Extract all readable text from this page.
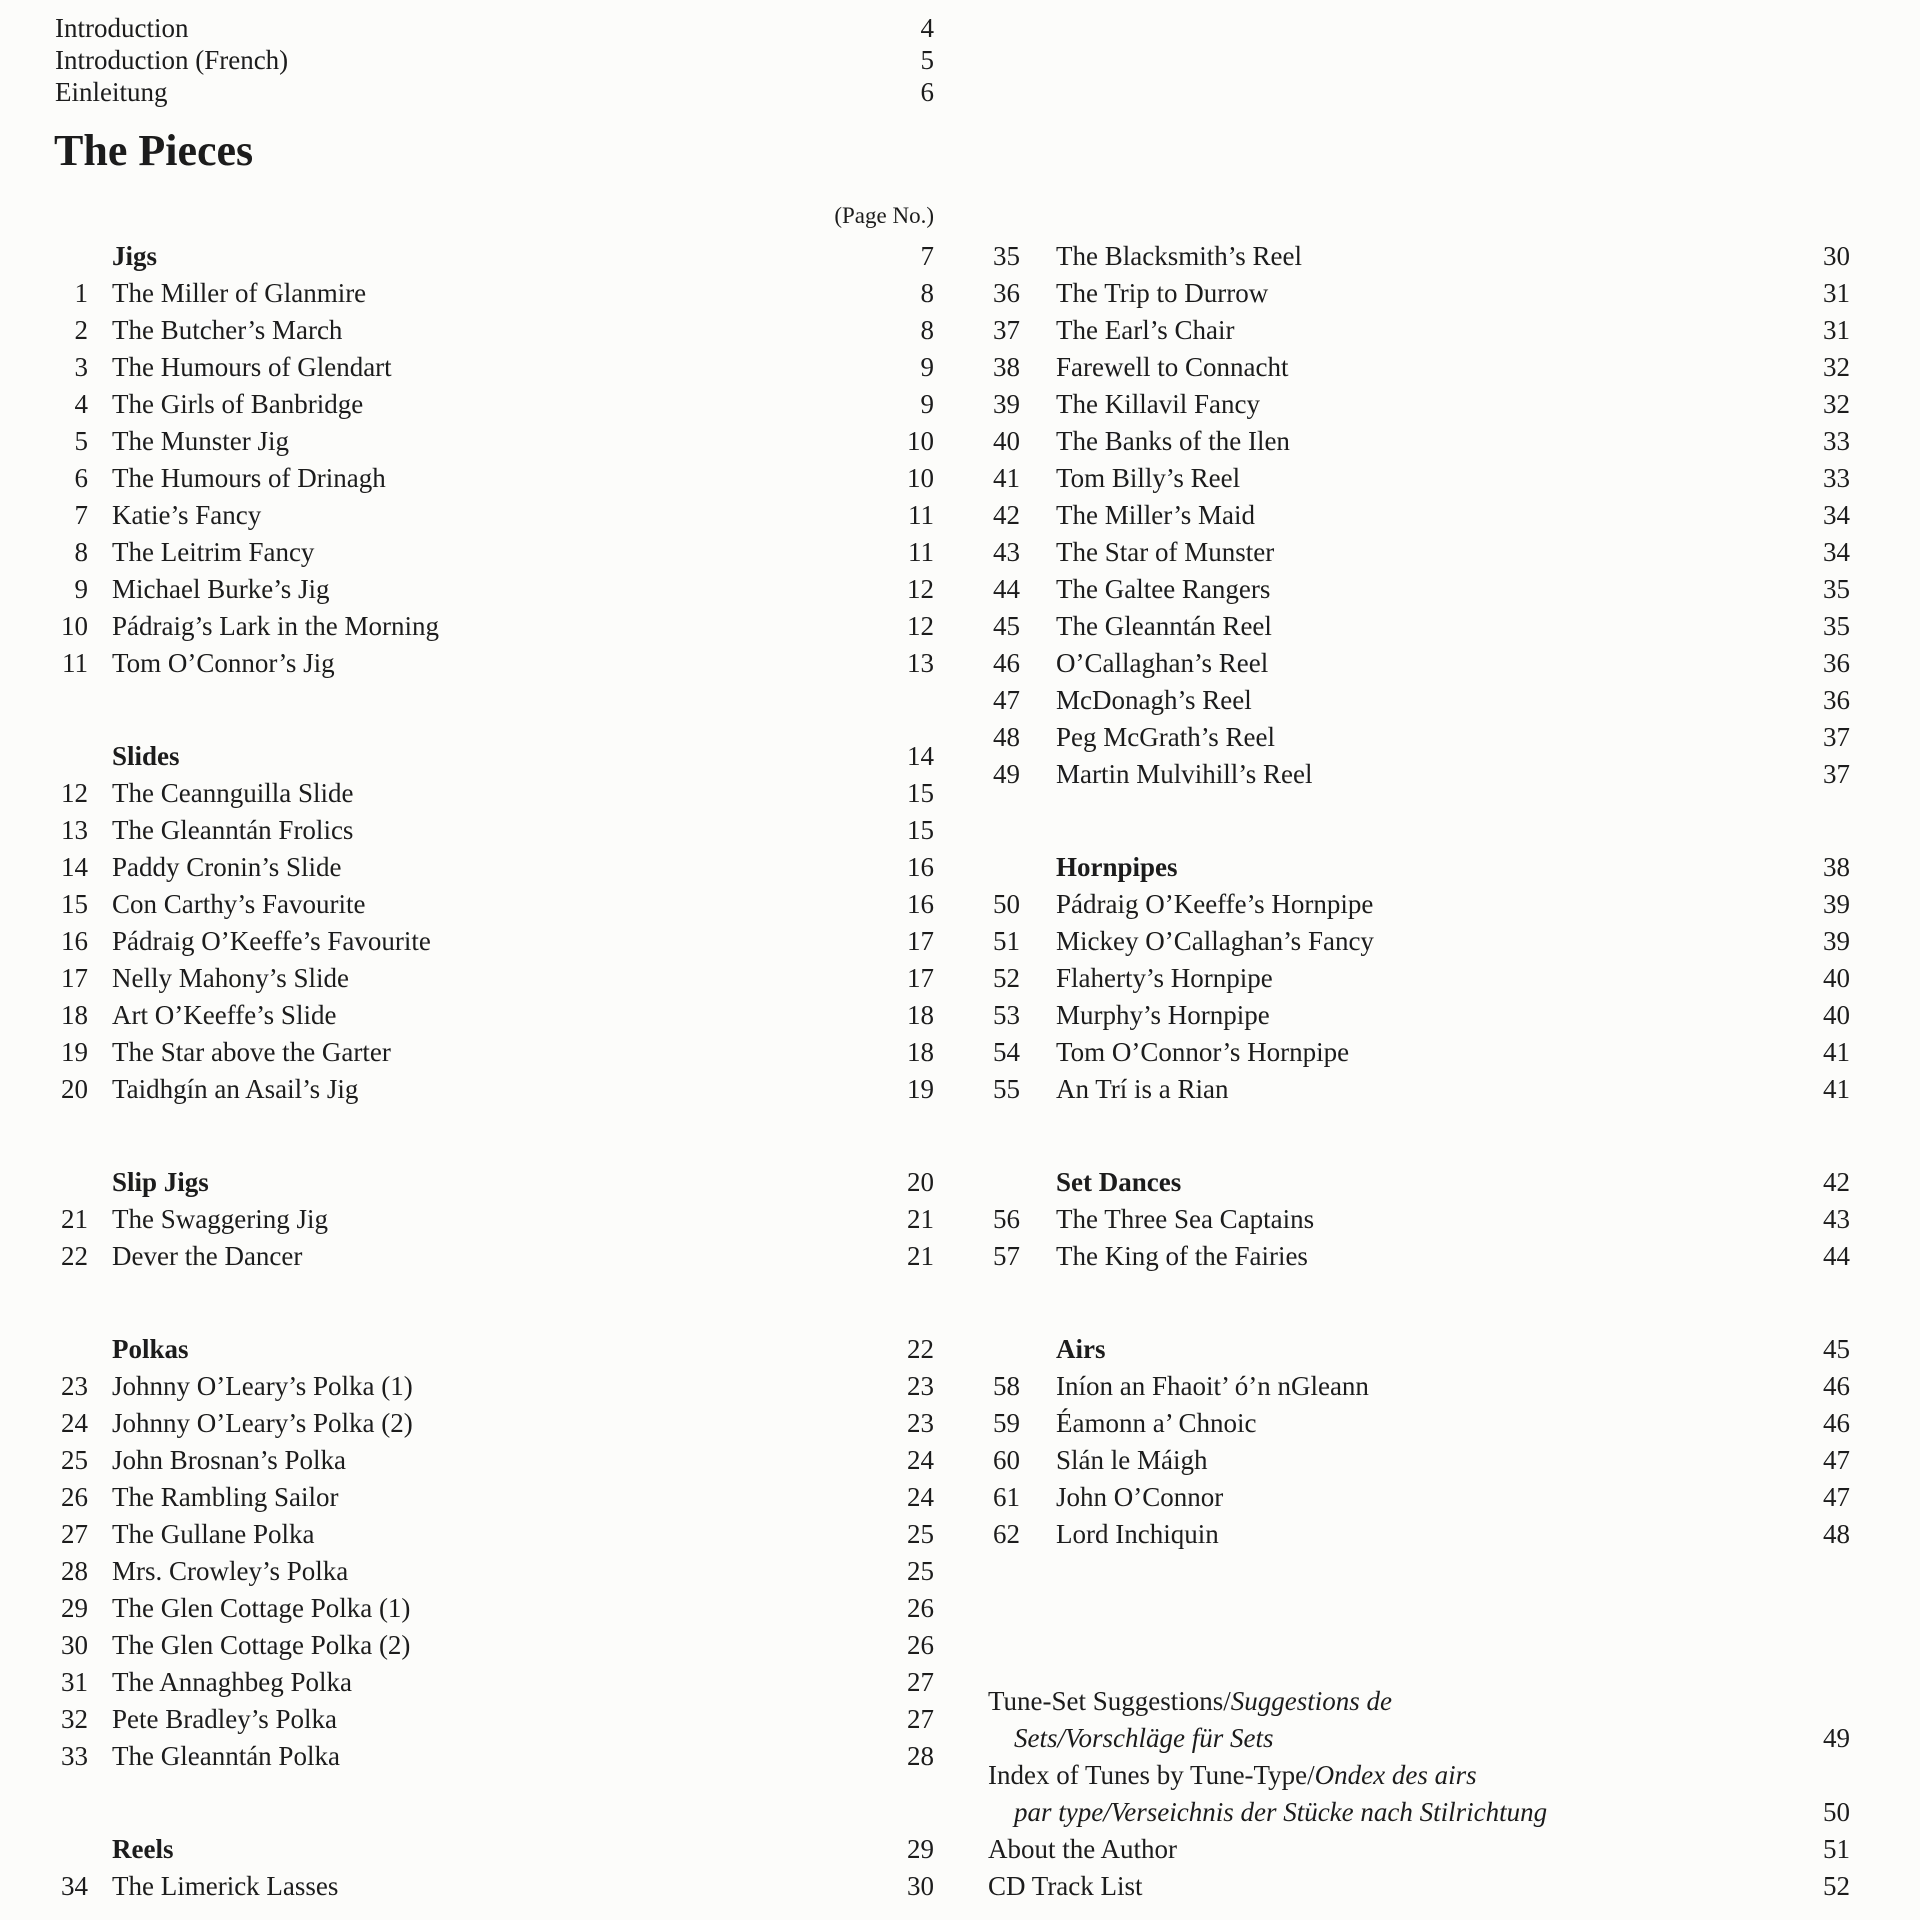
The Pieces
(Page No.)
Introduction	4
Introduction (French)	5
Einleitung	6
Jigs	7
1 The Miller of Glanmire	8
2 The Butcher’s March	8
3 The Humours of Glendart	9
4 The Girls of Banbridge	9
5 The Munster Jig	10
6 The Humours of Drinagh	10
7 Katie’s Fancy	11
8 The Leitrim Fancy	11
9 Michael Burke’s Jig	12
10 Pádraig’s Lark in the Morning	12
11 Tom O’Connor’s Jig	13
Slides	14
12 The Ceannguilla Slide	15
13 The Gleanntán Frolics	15
14 Paddy Cronin’s Slide	16
15 Con Carthy’s Favourite	16
16 Pádraig O’Keeffe’s Favourite	17
17 Nelly Mahony’s Slide	17
18 Art O’Keeffe’s Slide	18
19 The Star above the Garter	18
20 Taidhgín an Asail’s Jig	19
Slip Jigs	20
21 The Swaggering Jig	21
22 Dever the Dancer	21
Polkas	22
23 Johnny O’Leary’s Polka (1)	23
24 Johnny O’Leary’s Polka (2)	23
25 John Brosnan’s Polka	24
26 The Rambling Sailor	24
27 The Gullane Polka	25
28 Mrs. Crowley’s Polka	25
29 The Glen Cottage Polka (1)	26
30 The Glen Cottage Polka (2)	26
31 The Annaghbeg Polka	27
32 Pete Bradley’s Polka	27
33 The Gleanntán Polka	28
Reels	29
34 The Limerick Lasses	30
35 The Blacksmith’s Reel	30
36 The Trip to Durrow	31
37 The Earl’s Chair	31
38 Farewell to Connacht	32
39 The Killavil Fancy	32
40 The Banks of the Ilen	33
41 Tom Billy’s Reel	33
42 The Miller’s Maid	34
43 The Star of Munster	34
44 The Galtee Rangers	35
45 The Gleanntán Reel	35
46 O’Callaghan’s Reel	36
47 McDonagh’s Reel	36
48 Peg McGrath’s Reel	37
49 Martin Mulvihill’s Reel	37
Hornpipes	38
50 Pádraig O’Keeffe’s Hornpipe	39
51 Mickey O’Callaghan’s Fancy	39
52 Flaherty’s Hornpipe	40
53 Murphy’s Hornpipe	40
54 Tom O’Connor’s Hornpipe	41
55 An Trí is a Rian	41
Set Dances	42
56 The Three Sea Captains	43
57 The King of the Fairies	44
Airs	45
58 Iníon an Fhaoit’ ó’n nGleann	46
59 Éamonn a’ Chnoic	46
60 Slán le Máigh	47
61 John O’Connor	47
62 Lord Inchiquin	48
Tune-Set Suggestions/Suggestions de
Sets/Vorschläge für Sets	49
Index of Tunes by Tune-Type/Ondex des airs
par type/Verseichnis der Stücke nach Stilrichtung	50
About the Author	51
CD Track List	52
